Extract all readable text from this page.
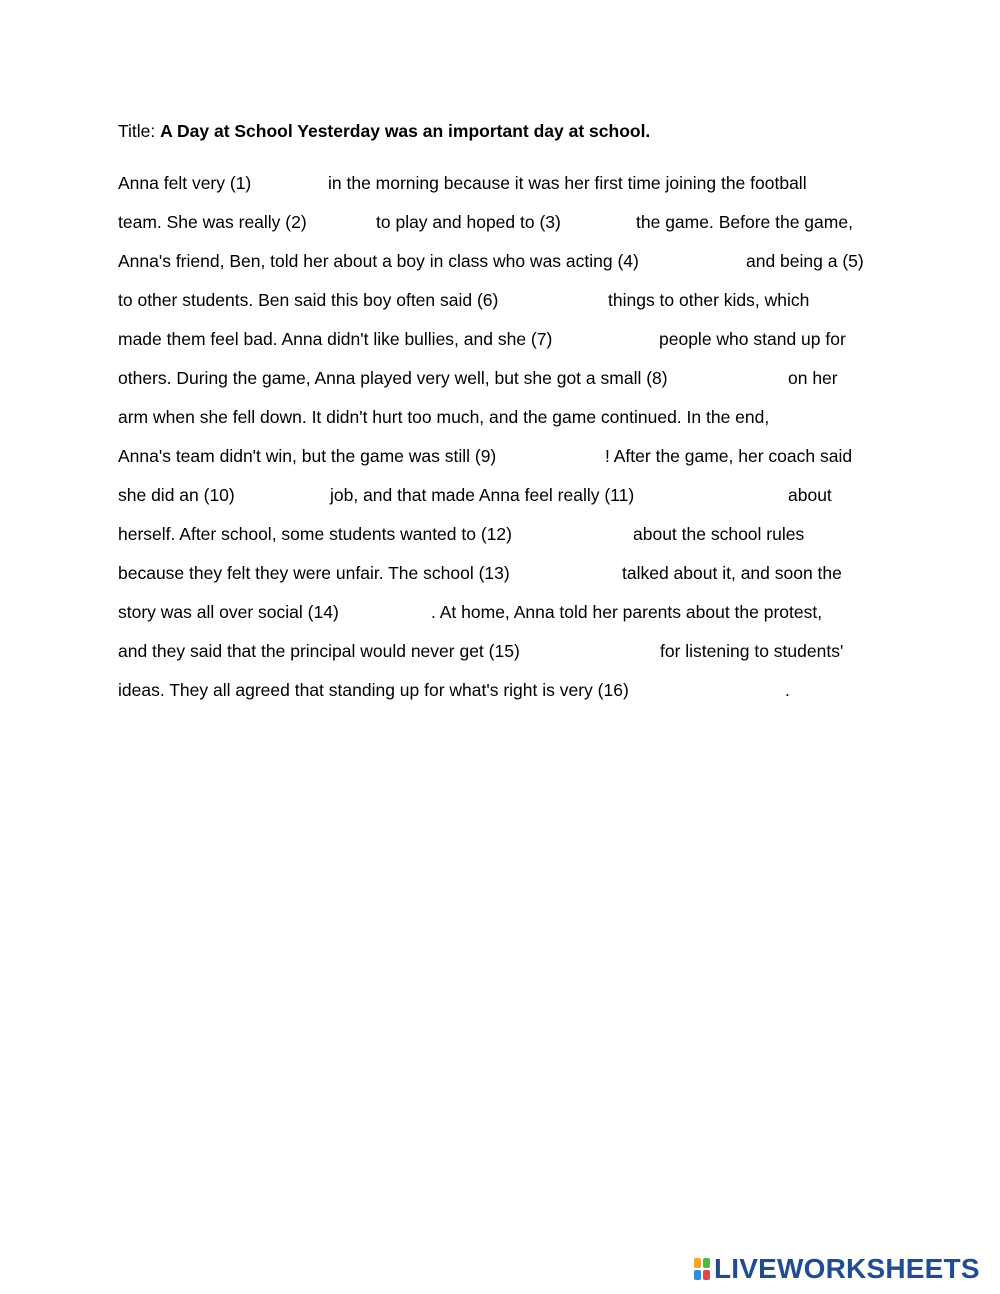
Title: A Day at School Yesterday was an important day at school.
Anna felt very (1)	in the morning because it was her first time joining the football
team. She was really (2)	to play and hoped to (3)	the game. Before the game,
Anna's friend, Ben, told her about a boy in class who was acting (4)	and being a (5)
to other students. Ben said this boy often said (6)	things to other kids, which
made them feel bad. Anna didn't like bullies, and she (7)	people who stand up for
others. During the game, Anna played very well, but she got a small (8)	on her
arm when she fell down. It didn't hurt too much, and the game continued. In the end,
Anna's team didn't win, but the game was still (9)	! After the game, her coach said
she did an (10)	job, and that made Anna feel really (11)	about
herself. After school, some students wanted to (12)	about the school rules
because they felt they were unfair. The school (13)	talked about it, and soon the
story was all over social (14)	. At home, Anna told her parents about the protest,
and they said that the principal would never get (15)	for listening to students'
ideas. They all agreed that standing up for what's right is very (16)	.
LIVEWORKSHEETS
